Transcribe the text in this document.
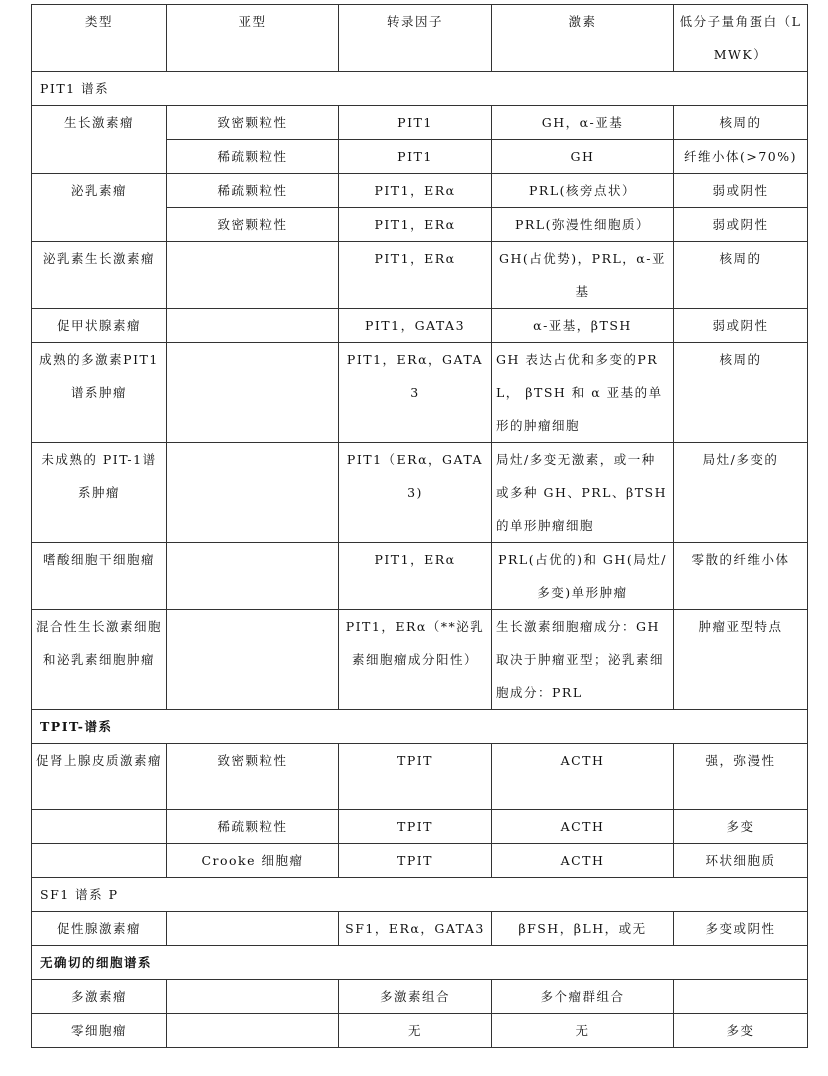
类型	亚型	转录因子	激素	低分子量角蛋白（LMWK）
PIT1 谱系				
生长激素瘤	致密颗粒性	PIT1	GH，α-亚基	核周的
	稀疏颗粒性	PIT1	GH	纤维小体(>70%)
泌乳素瘤	稀疏颗粒性	PIT1，ERα	PRL(核旁点状）	弱或阴性
	致密颗粒性	PIT1，ERα	PRL(弥漫性细胞质）	弱或阴性
泌乳素生长激素瘤		PIT1，ERα	GH(占优势)，PRL，α-亚基	核周的
促甲状腺素瘤		PIT1，GATA3	α-亚基，βTSH	弱或阴性
成熟的多激素PIT1谱系肿瘤		PIT1，ERα，GATA3	GH 表达占优和多变的PRL， βTSH 和 α 亚基的单形的肿瘤细胞	核周的
未成熟的 PIT-1谱系肿瘤		PIT1（ERα，GATA3)	局灶/多变无激素，或一种或多种 GH、PRL、βTSH 的单形肿瘤细胞	局灶/多变的
嗜酸细胞干细胞瘤		PIT1，ERα	PRL(占优的)和 GH(局灶/多变)单形肿瘤	零散的纤维小体
混合性生长激素细胞和泌乳素细胞肿瘤		PIT1，ERα（**泌乳素细胞瘤成分阳性）	生长激素细胞瘤成分：GH 取决于肿瘤亚型；泌乳素细胞成分：PRL	肿瘤亚型特点
TPIT-谱系				
促肾上腺皮质激素瘤	致密颗粒性	TPIT	ACTH	强，弥漫性
	稀疏颗粒性	TPIT	ACTH	多变
	Crooke 细胞瘤	TPIT	ACTH	环状细胞质
SF1 谱系 P				
促性腺激素瘤		SF1，ERα，GATA3	βFSH，βLH，或无	多变或阴性
无确切的细胞谱系				
多激素瘤		多激素组合	多个瘤群组合	
零细胞瘤		无	无	多变
